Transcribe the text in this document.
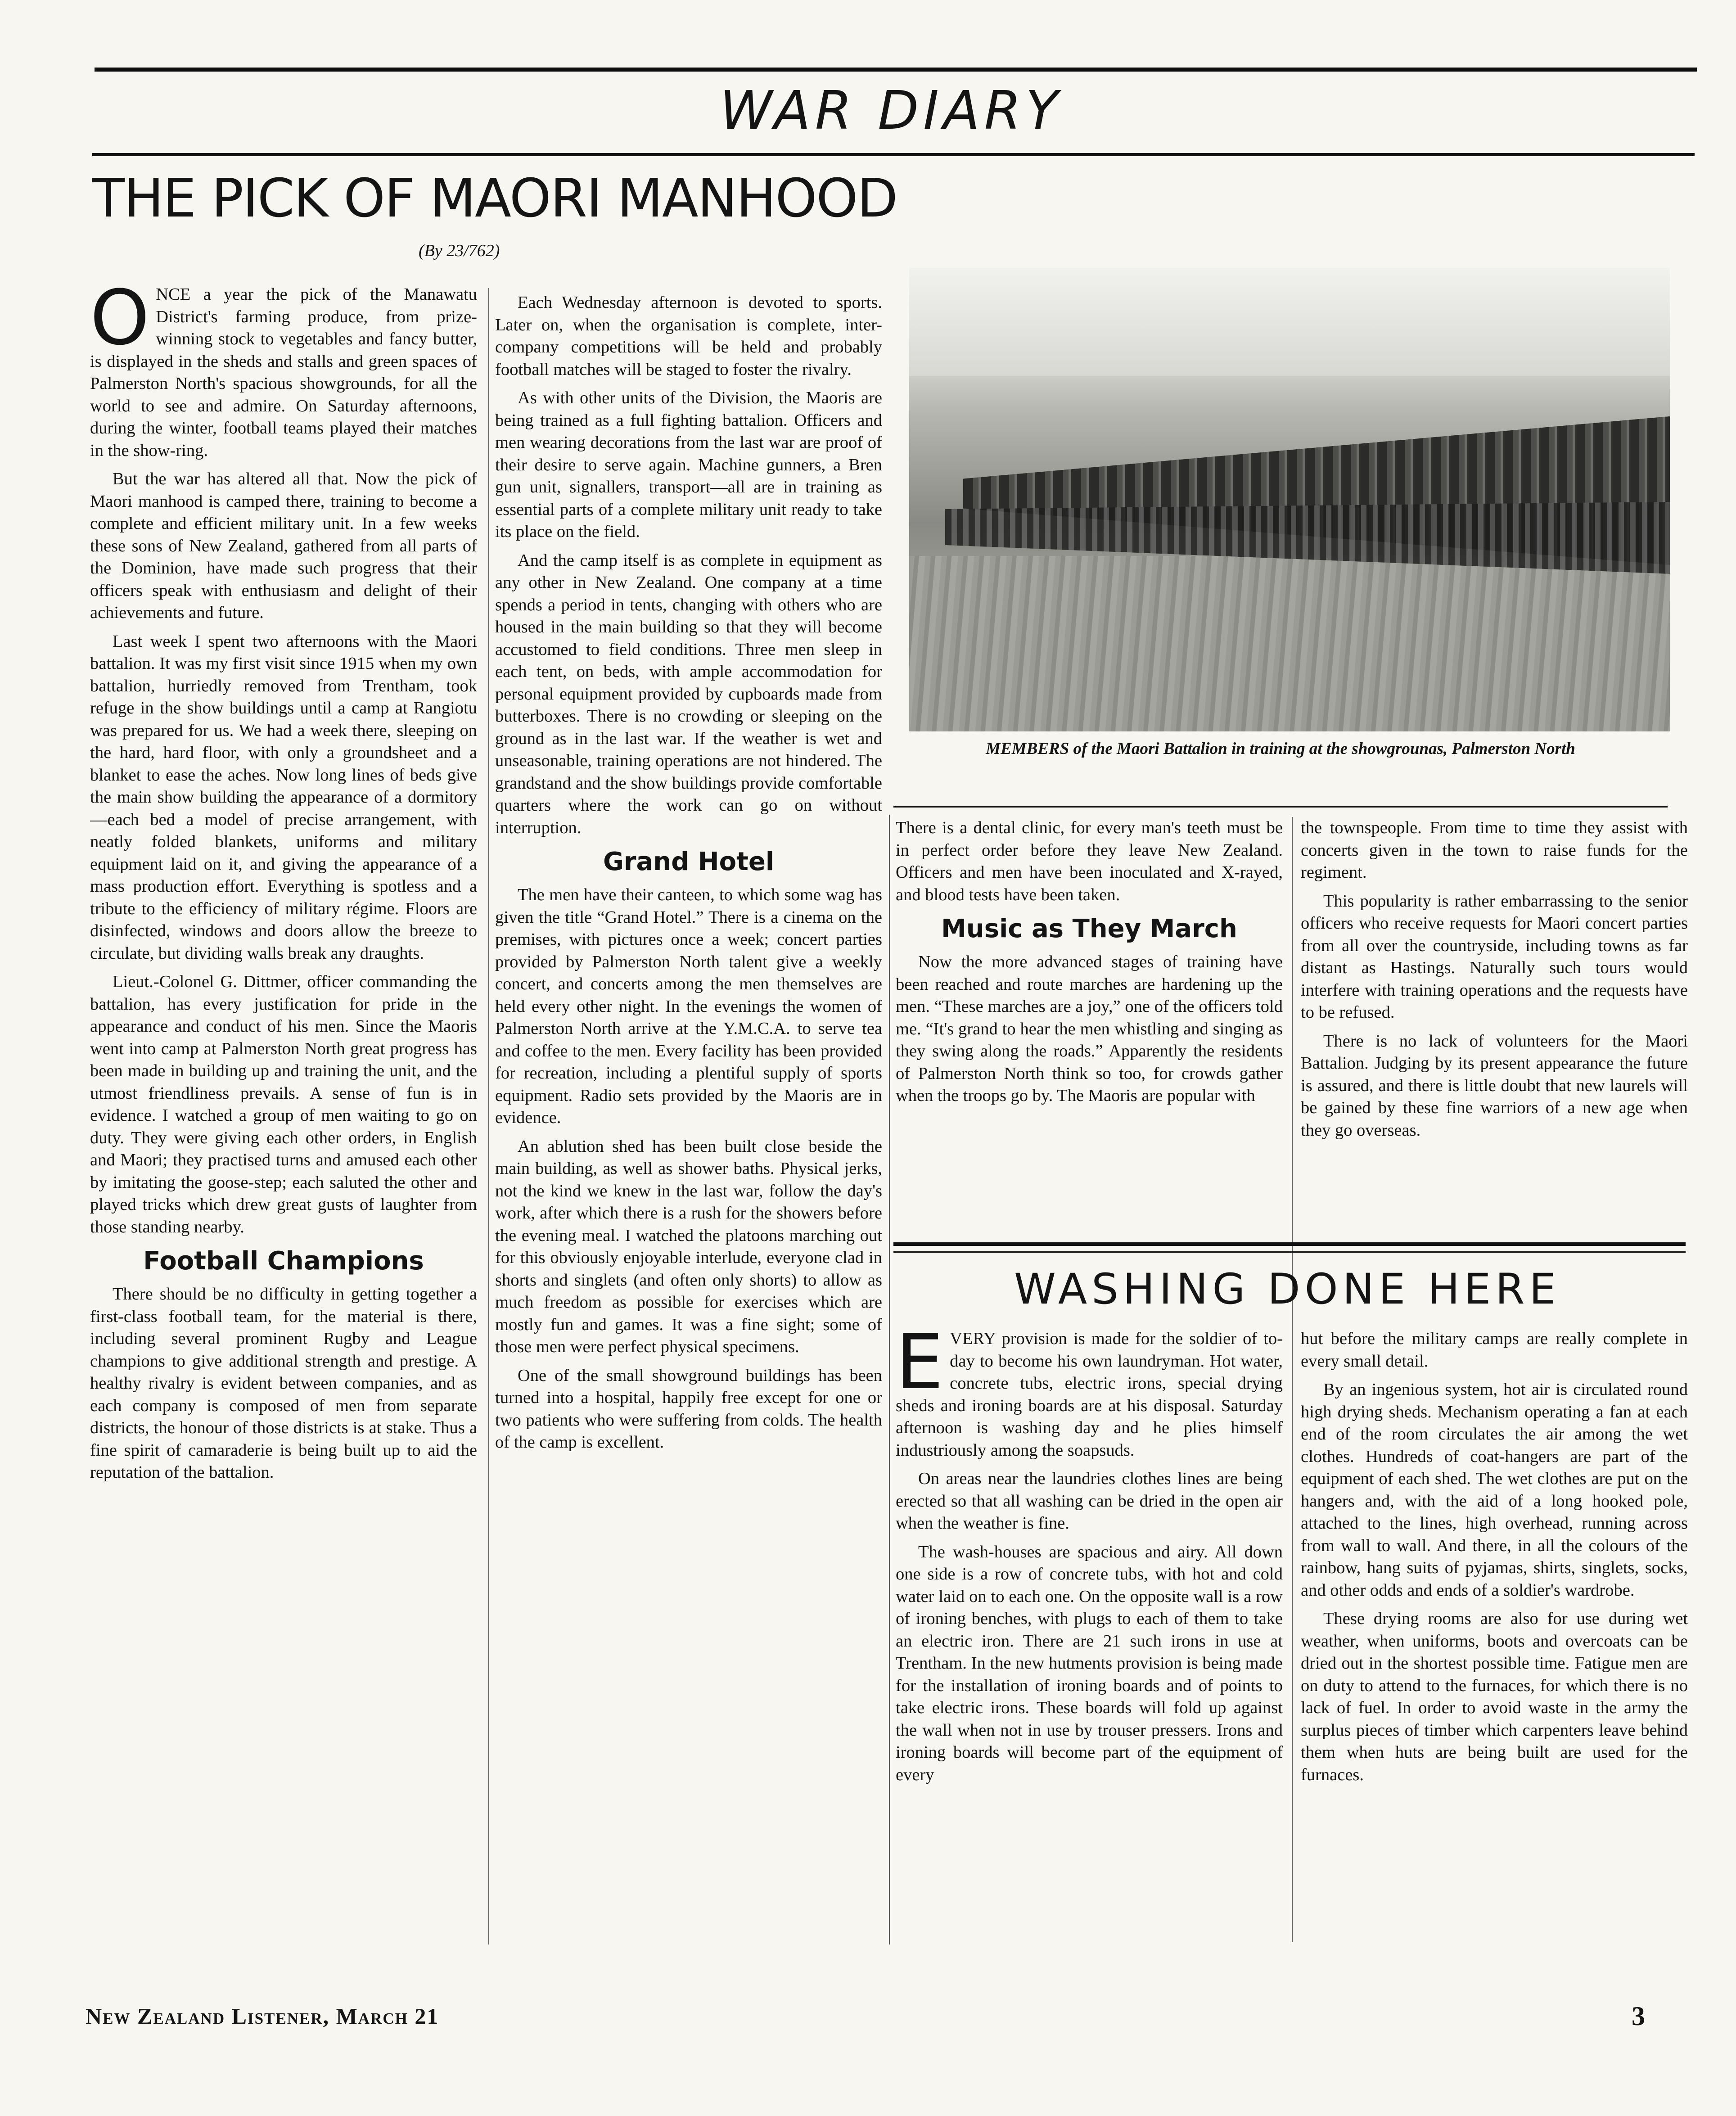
WAR DIARY
THE PICK OF MAORI MANHOOD
(By 23/762)
O NCE a year the pick of the Manawatu District's farming produce, from prize-winning stock to vegetables and fancy butter, is displayed in the sheds and stalls and green spaces of Palmerston North's spacious showgrounds, for all the world to see and admire. On Saturday afternoons, during the winter, football teams played their matches in the show-ring.

But the war has altered all that. Now the pick of Maori manhood is camped there, training to become a complete and efficient military unit. In a few weeks these sons of New Zealand, gathered from all parts of the Dominion, have made such progress that their officers speak with enthusiasm and delight of their achievements and future.

Last week I spent two afternoons with the Maori battalion. It was my first visit since 1915 when my own battalion, hurriedly removed from Trentham, took refuge in the show buildings until a camp at Rangiotu was prepared for us. We had a week there, sleeping on the hard, hard floor, with only a groundsheet and a blanket to ease the aches. Now long lines of beds give the main show building the appearance of a dormitory—each bed a model of precise arrangement, with neatly folded blankets, uniforms and military equipment laid on it, and giving the appearance of a mass production effort. Everything is spotless and a tribute to the efficiency of military régime. Floors are disinfected, windows and doors allow the breeze to circulate, but dividing walls break any draughts.

Lieut.-Colonel G. Dittmer, officer commanding the battalion, has every justification for pride in the appearance and conduct of his men. Since the Maoris went into camp at Palmerston North great progress has been made in building up and training the unit, and the utmost friendliness prevails. A sense of fun is in evidence. I watched a group of men waiting to go on duty. They were giving each other orders, in English and Maori; they practised turns and amused each other by imitating the goose-step; each saluted the other and played tricks which drew great gusts of laughter from those standing nearby.

Football Champions

There should be no difficulty in getting together a first-class football team, for the material is there, including several prominent Rugby and League champions to give additional strength and prestige. A healthy rivalry is evident between companies, and as each company is composed of men from separate districts, the honour of those districts is at stake. Thus a fine spirit of camaraderie is being built up to aid the reputation of the battalion.

Each Wednesday afternoon is devoted to sports. Later on, when the organisation is complete, inter-company competitions will be held and probably football matches will be staged to foster the rivalry.

As with other units of the Division, the Maoris are being trained as a full fighting battalion. Officers and men wearing decorations from the last war are proof of their desire to serve again. Machine gunners, a Bren gun unit, signallers, transport—all are in training as essential parts of a complete military unit ready to take its place on the field.

And the camp itself is as complete in equipment as any other in New Zealand. One company at a time spends a period in tents, changing with others who are housed in the main building so that they will become accustomed to field conditions. Three men sleep in each tent, on beds, with ample accommodation for personal equipment provided by cupboards made from butterboxes. There is no crowding or sleeping on the ground as in the last war. If the weather is wet and unseasonable, training operations are not hindered. The grandstand and the show buildings provide comfortable quarters where the work can go on without interruption.

Grand Hotel

The men have their canteen, to which some wag has given the title “Grand Hotel.” There is a cinema on the premises, with pictures once a week; concert parties provided by Palmerston North talent give a weekly concert, and concerts among the men themselves are held every other night. In the evenings the women of Palmerston North arrive at the Y.M.C.A. to serve tea and coffee to the men. Every facility has been provided for recreation, including a plentiful supply of sports equipment. Radio sets provided by the Maoris are in evidence.

An ablution shed has been built close beside the main building, as well as shower baths. Physical jerks, not the kind we knew in the last war, follow the day's work, after which there is a rush for the showers before the evening meal. I watched the platoons marching out for this obviously enjoyable interlude, everyone clad in shorts and singlets (and often only shorts) to allow as much freedom as possible for exercises which are mostly fun and games. It was a fine sight; some of those men were perfect physical specimens.

One of the small showground buildings has been turned into a hospital, happily free except for one or two patients who were suffering from colds. The health of the camp is excellent.

MEMBERS of the Maori Battalion in training at the showgrounas, Palmerston North

There is a dental clinic, for every man's teeth must be in perfect order before they leave New Zealand. Officers and men have been inoculated and X-rayed, and blood tests have been taken.

Music as They March

Now the more advanced stages of training have been reached and route marches are hardening up the men. “These marches are a joy,” one of the officers told me. “It's grand to hear the men whistling and singing as they swing along the roads.” Apparently the residents of Palmerston North think so too, for crowds gather when the troops go by. The Maoris are popular with

the townspeople. From time to time they assist with concerts given in the town to raise funds for the regiment.

This popularity is rather embarrassing to the senior officers who receive requests for Maori concert parties from all over the countryside, including towns as far distant as Hastings. Naturally such tours would interfere with training operations and the requests have to be refused.

There is no lack of volunteers for the Maori Battalion. Judging by its present appearance the future is assured, and there is little doubt that new laurels will be gained by these fine warriors of a new age when they go overseas.

WASHING DONE HERE
E VERY provision is made for the soldier of to-day to become his own laundryman. Hot water, concrete tubs, electric irons, special drying sheds and ironing boards are at his disposal. Saturday afternoon is washing day and he plies himself industriously among the soapsuds.

On areas near the laundries clothes lines are being erected so that all washing can be dried in the open air when the weather is fine.

The wash-houses are spacious and airy. All down one side is a row of concrete tubs, with hot and cold water laid on to each one. On the opposite wall is a row of ironing benches, with plugs to each of them to take an electric iron. There are 21 such irons in use at Trentham. In the new hutments provision is being made for the installation of ironing boards and of points to take electric irons. These boards will fold up against the wall when not in use by trouser pressers. Irons and ironing boards will become part of the equipment of every

hut before the military camps are really complete in every small detail.

By an ingenious system, hot air is circulated round high drying sheds. Mechanism operating a fan at each end of the room circulates the air among the wet clothes. Hundreds of coat-hangers are part of the equipment of each shed. The wet clothes are put on the hangers and, with the aid of a long hooked pole, attached to the lines, high overhead, running across from wall to wall. And there, in all the colours of the rainbow, hang suits of pyjamas, shirts, singlets, socks, and other odds and ends of a soldier's wardrobe.

These drying rooms are also for use during wet weather, when uniforms, boots and overcoats can be dried out in the shortest possible time. Fatigue men are on duty to attend to the furnaces, for which there is no lack of fuel. In order to avoid waste in the army the surplus pieces of timber which carpenters leave behind them when huts are being built are used for the furnaces.

New Zealand Listener, March 21	3
